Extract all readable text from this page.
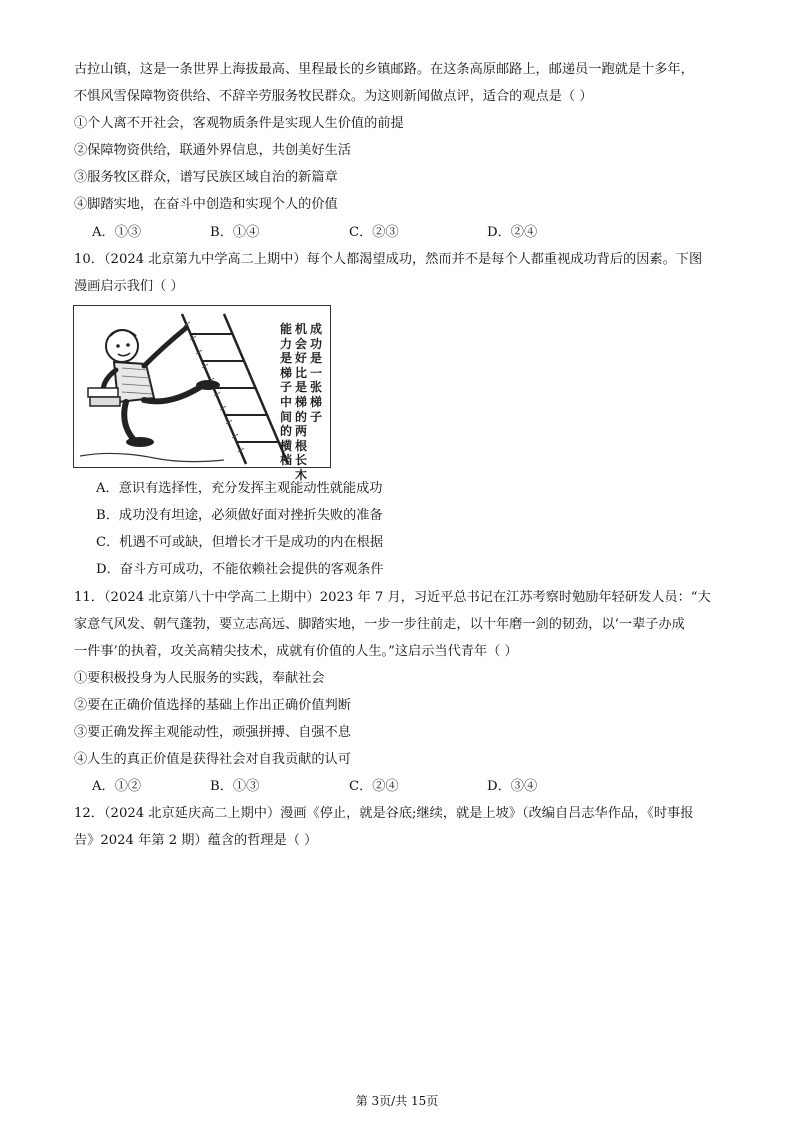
古拉山镇，这是一条世界上海拔最高、里程最长的乡镇邮路。在这条高原邮路上，邮递员一跑就是十多年，
不惧风雪保障物资供给、不辞辛劳服务牧民群众。为这则新闻做点评，适合的观点是（ ）
①个人离不开社会，客观物质条件是实现人生价值的前提
②保障物资供给，联通外界信息，共创美好生活
③服务牧区群众，谱写民族区域自治的新篇章
④脚踏实地，在奋斗中创造和实现个人的价值
A．①③	B．①④	C．②③	D．②④
10．（2024 北京第九中学高二上期中）每个人都渴望成功，然而并不是每个人都重视成功背后的因素。下图
漫画启示我们（ ）
成功是一张梯子
机会好比是梯的两根长木
能力是梯子中间的横档
A．意识有选择性，充分发挥主观能动性就能成功
B．成功没有坦途，必须做好面对挫折失败的准备
C．机遇不可或缺，但增长才干是成功的内在根据
D．奋斗方可成功，不能依赖社会提供的客观条件
11．（2024 北京第八十中学高二上期中）2023 年 7 月，习近平总书记在江苏考察时勉励年轻研发人员：“大
家意气风发、朝气蓬勃，要立志高远、脚踏实地，一步一步往前走，以十年磨一剑的韧劲，以‘一辈子办成
一件事’的执着，攻关高精尖技术，成就有价值的人生。”这启示当代青年（ ）
①要积极投身为人民服务的实践，奉献社会
②要在正确价值选择的基础上作出正确价值判断
③要正确发挥主观能动性，顽强拼搏、自强不息
④人生的真正价值是获得社会对自我贡献的认可
A．①②	B．①③	C．②④	D．③④
12．（2024 北京延庆高二上期中）漫画《停止，就是谷底;继续，就是上坡》（改编自吕志华作品，《时事报
告》2024 年第 2 期）蕴含的哲理是（ ）
第 3页/共 15页
